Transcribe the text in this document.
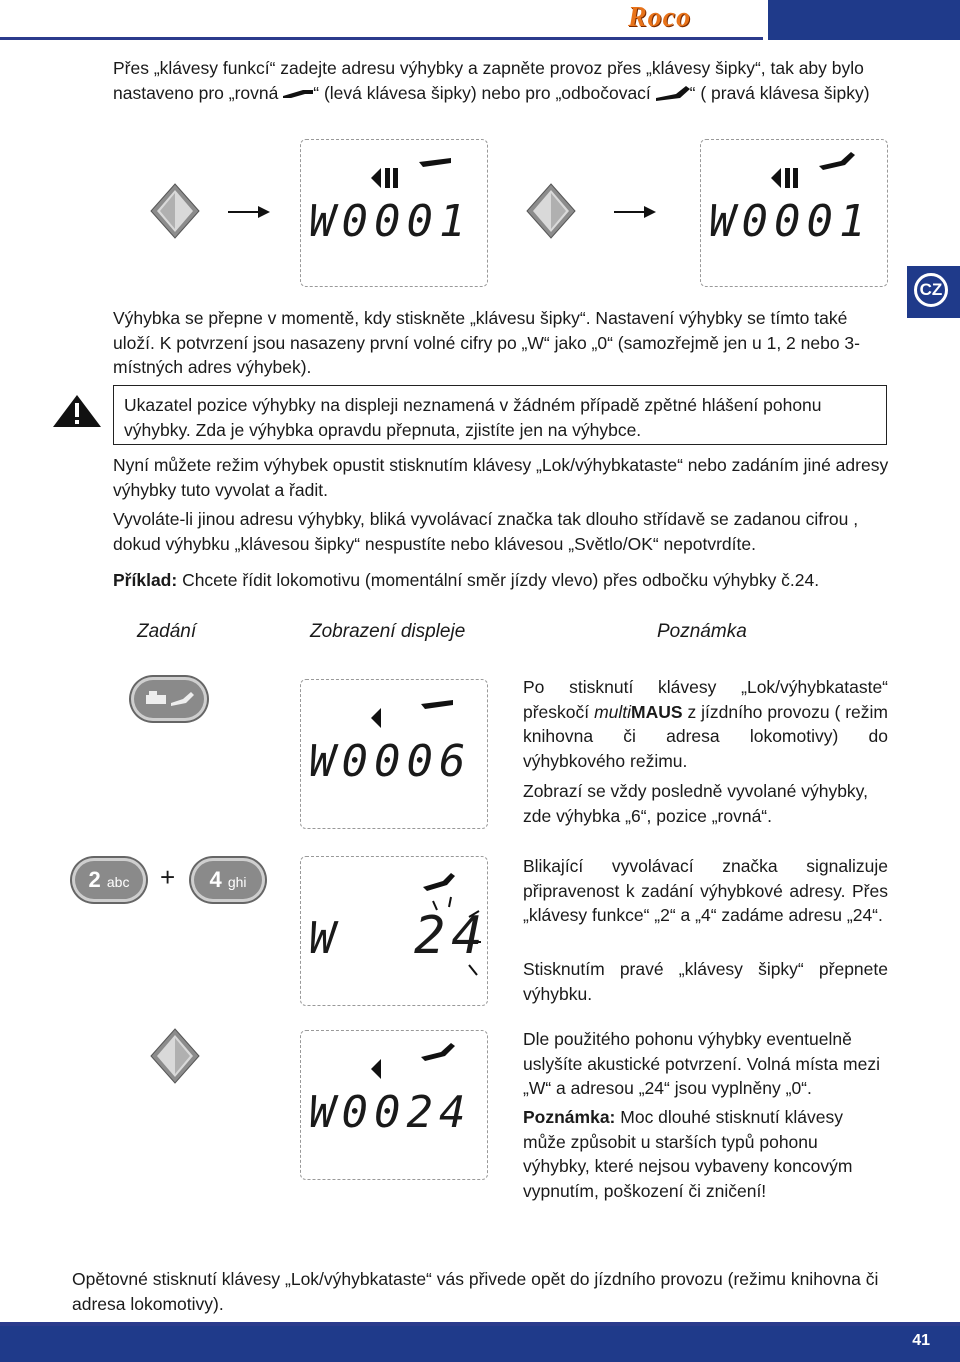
Roco
CZ
Přes „klávesy funkcí“ zadejte adresu výhybky a zapněte provoz přes „klávesy šipky“, tak aby bylo nastaveno pro „rovná “ (levá klávesa šipky) nebo pro „odbočovací “ ( pravá klávesa šipky)
W0001	W0001
Výhybka se přepne v momentě, kdy stiskněte „klávesu šipky“. Nastavení výhybky se tímto také uloží. K potvrzení jsou nasazeny první volné cifry po „W“ jako „0“ (samozřejmě jen u 1, 2 nebo 3- místných adres výhybek).
Ukazatel pozice výhybky na displeji neznamená v žádném případě zpětné hlášení pohonu výhybky. Zda je výhybka opravdu přepnuta, zjistíte jen na výhybce.
Nyní můžete režim výhybek opustit stisknutím klávesy „Lok/výhybkataste“ nebo zadáním jiné adresy výhybky tuto vyvolat a řadit.
Vyvoláte-li jinou adresu výhybky, bliká vyvolávací značka tak dlouho střídavě se zadanou cifrou , dokud výhybku „klávesou šipky“ nespustíte nebo klávesou „Světlo/OK“ nepotvrdíte.
Příklad: Chcete řídit lokomotivu (momentální směr jízdy vlevo) přes odbočku výhybky č.24.
Zadání	Zobrazení displeje	Poznámka
W0006
Po stisknutí klávesy „Lok/výhybkataste“ přeskočí multiMAUS z jízdního provozu ( režim knihovna či adresa lokomotivy) do výhybkového režimu.
Zobrazí se vždy posledně vyvolané výhybky, zde výhybka „6“, pozice „rovná“.
2 abc	+	4 ghi
W 24
Blikající vyvolávací značka signalizuje připravenost k zadání výhybkové adresy. Přes „klávesy funkce“ „2“ a „4“ zadáme adresu „24“.
Stisknutím pravé „klávesy šipky“ přepnete výhybku.
W0024
Dle použitého pohonu výhybky eventuelně uslyšíte akustické potvrzení. Volná místa mezi „W“ a adresou „24“ jsou vyplněny „0“.
Poznámka: Moc dlouhé stisknutí klávesy může způsobit u starších typů pohonu výhybky, které nejsou vybaveny koncovým vypnutím, poškození či zničení!
Opětovné stisknutí klávesy „Lok/výhybkataste“ vás přivede opět do jízdního provozu (režimu knihovna či adresa lokomotivy).
41
